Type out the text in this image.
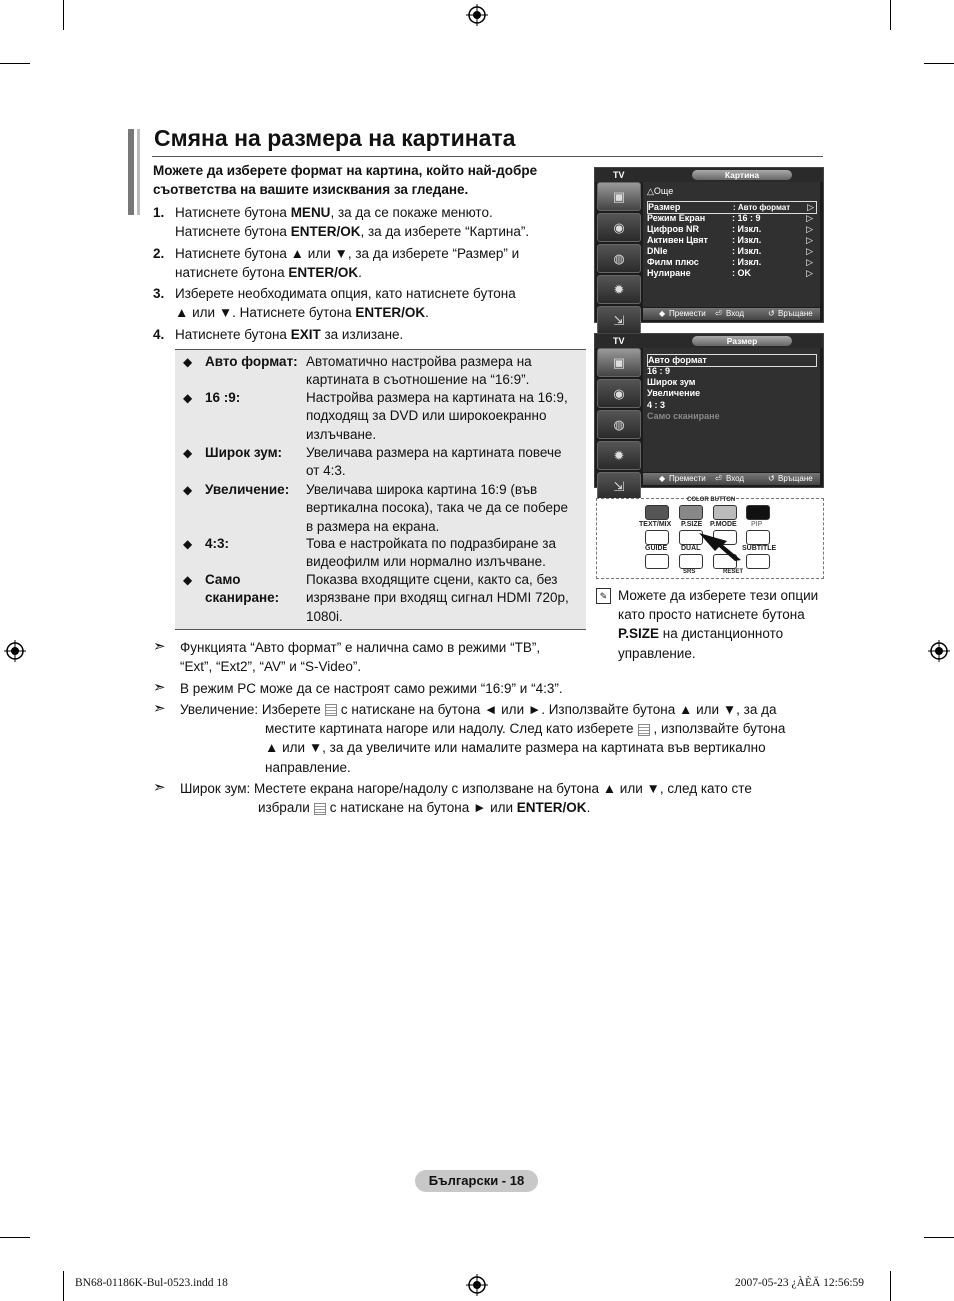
Смяна на размера на картината
Можете да изберете формат на картина, който най-добре съответства на вашите изисквания за гледане.
1. Натиснете бутона MENU, за да се покаже менюто.
Натиснете бутона ENTER/OK, за да изберете “Картина”.
2. Натиснете бутона ▲ или ▼, за да изберете “Размер” и
натиснете бутона ENTER/OK.
3. Изберете необходимата опция, като натиснете бутона
▲ или ▼. Натиснете бутона ENTER/OK.
4. Натиснете бутона EXIT за излизане.
◆ Авто формат: Автоматично настройва размера на
картината в съотношение на “16:9”.
◆ 16 :9:	Настройва размера на картината на 16:9,
подходящ за DVD или широкоекранно
излъчване.
◆ Широк зум:	Увеличава размера на картината повече
от 4:3.
◆ Увеличение:	Увеличава широка картина 16:9 (във
вертикална посока), така че да се побере
в размера на екрана.
◆ 4:3:	Това е настройката по подразбиране за
видеофилм или нормално излъчване.
◆ Само
сканиране:
Показва входящите сцени, както са, без
изрязване при входящ сигнал HDMI 720p,
1080i.
➣ Функцията “Авто формат” е налична само в режими “ТВ”,
“Ext”, “Ext2”, “AV” и “S-Video”.
➣ В режим PC може да се настроят само режими “16:9” и “4:3”.
➣ Увеличение: Изберете с натискане на бутона ◄ или ►. Използвайте бутона ▲ или ▼, за да
местите картината нагоре или надолу. След като изберете , използвайте бутона
▲ или ▼, за да увеличите или намалите размера на картината във вертикално
направление.
➣ Широк зум: Местете екрана нагоре/надолу с използване на бутона ▲ или ▼, след като сте
избрали с натискане на бутона ► или ENTER/OK.
TV	Картина
▣
◉
◍
✹
⇲
△Още
Размер	: Авто формат ▷
Режим Екран	: 16 : 9	▷
Цифров NR	: Изкл.	▷
Активен Цвят	: Изкл.	▷
DNIe	: Изкл.	▷
Филм плюс	: Изкл.	▷
Нулиране	: OK	▷
◆ Премести ⏎ Вход	↺ Връщане
TV	Размер
▣
◉
◍
✹
⇲
Авто формат
16 : 9
Широк зум
Увеличение
4 : 3
Само сканиране
◆ Премести ⏎ Вход	↺ Връщане
COLOR BUTTON
TEXT/MIX P.SIZE P.MODE PIP
GUIDE DUAL	SUBTITLE
SRS	RESET
✎ Можете да изберете тези опции като просто натиснете бутона P.SIZE на дистанционното управление.
Български - 18
BN68-01186K-Bul-0523.indd 18	2007-05-23 ¿ÀÈÄ 12:56:59
